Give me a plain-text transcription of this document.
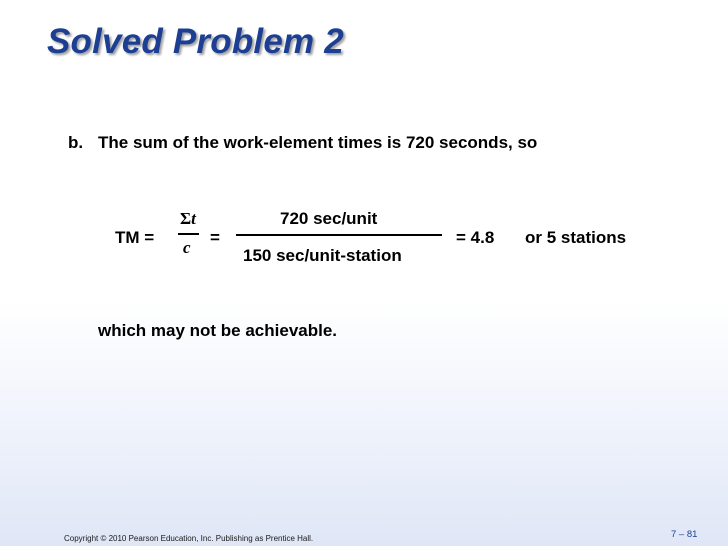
Solved Problem 2
b. The sum of the work-element times is 720 seconds, so
TM =
Σt
c
=
720 sec/unit
150 sec/unit-station
= 4.8 or 5 stations
which may not be achievable.
Copyright © 2010 Pearson Education, Inc. Publishing as Prentice Hall.	7 – 81
